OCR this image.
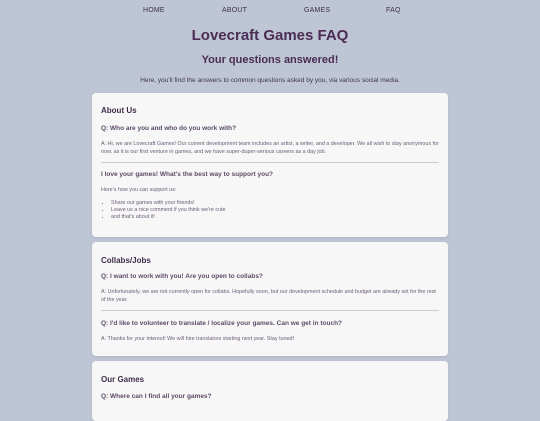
HOME	ABOUT	GAMES	FAQ
Lovecraft Games FAQ
Your questions answered!
Here, you'll find the answers to common questions asked by you, via various social media.
About Us
Q: Who are you and who do you work with?
A: Hi, we are Lovecraft Games! Our current development team includes an artist, a writer, and a developer. We all wish to stay anonymous for now, as it is our first venture in games, and we have super-duper-serious careers as a day job.
I love your games! What's the best way to support you?
Here's how you can support us:
• Share our games with your friends!
• Leave us a nice comment if you think we're cute
• and that's about it!
Collabs/Jobs
Q: I want to work with you! Are you open to collabs?
A: Unfortunately, we are not currently open for collabs. Hopefully soon, but our development schedule and budget are already set for the rest of the year.
Q: I'd like to volunteer to translate / localize your games. Can we get in touch?
A: Thanks for your interest! We will hire translators starting next year. Stay tuned!
Our Games
Q: Where can I find all your games?
